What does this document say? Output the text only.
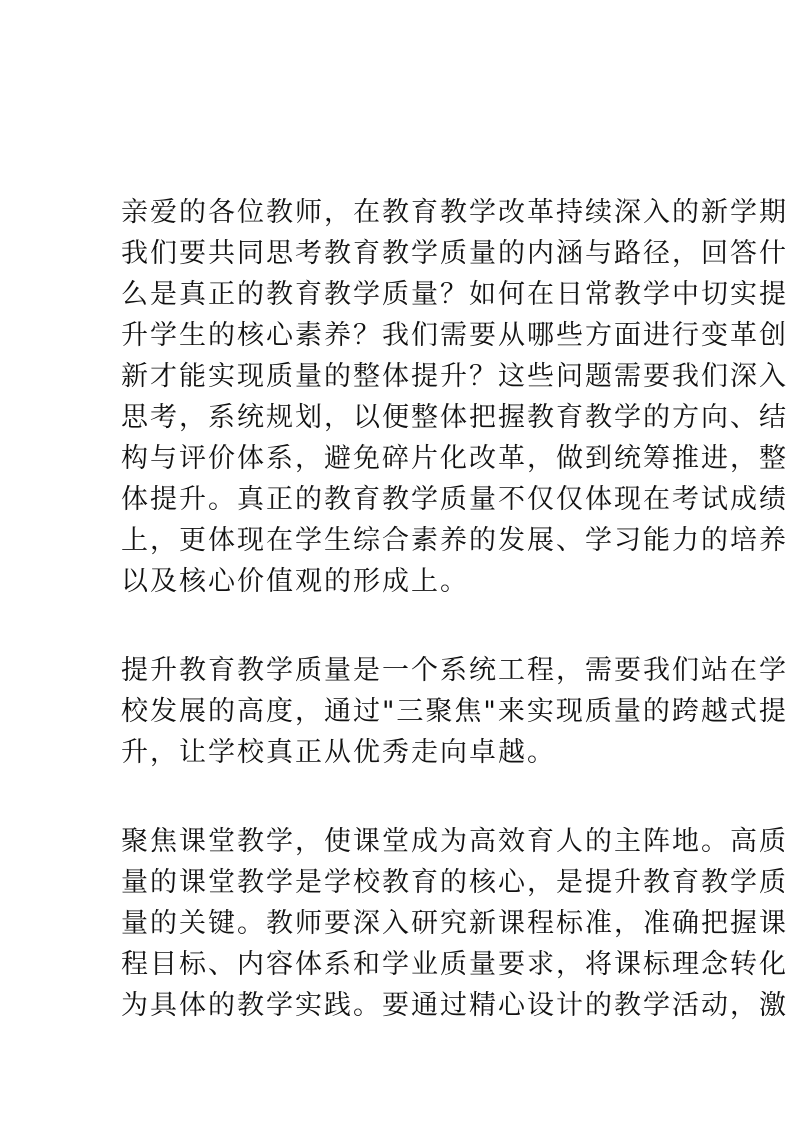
亲爱的各位教师，在教育教学改革持续深入的新学期
我们要共同思考教育教学质量的内涵与路径，回答什
么是真正的教育教学质量？如何在日常教学中切实提
升学生的核心素养？我们需要从哪些方面进行变革创
新才能实现质量的整体提升？这些问题需要我们深入
思考，系统规划，以便整体把握教育教学的方向、结
构与评价体系，避免碎片化改革，做到统筹推进，整
体提升。真正的教育教学质量不仅仅体现在考试成绩
上，更体现在学生综合素养的发展、学习能力的培养
以及核心价值观的形成上。
提升教育教学质量是一个系统工程，需要我们站在学
校发展的高度，通过"三聚焦"来实现质量的跨越式提
升，让学校真正从优秀走向卓越。
聚焦课堂教学，使课堂成为高效育人的主阵地。高质
量的课堂教学是学校教育的核心，是提升教育教学质
量的关键。教师要深入研究新课程标准，准确把握课
程目标、内容体系和学业质量要求，将课标理念转化
为具体的教学实践。要通过精心设计的教学活动，激
